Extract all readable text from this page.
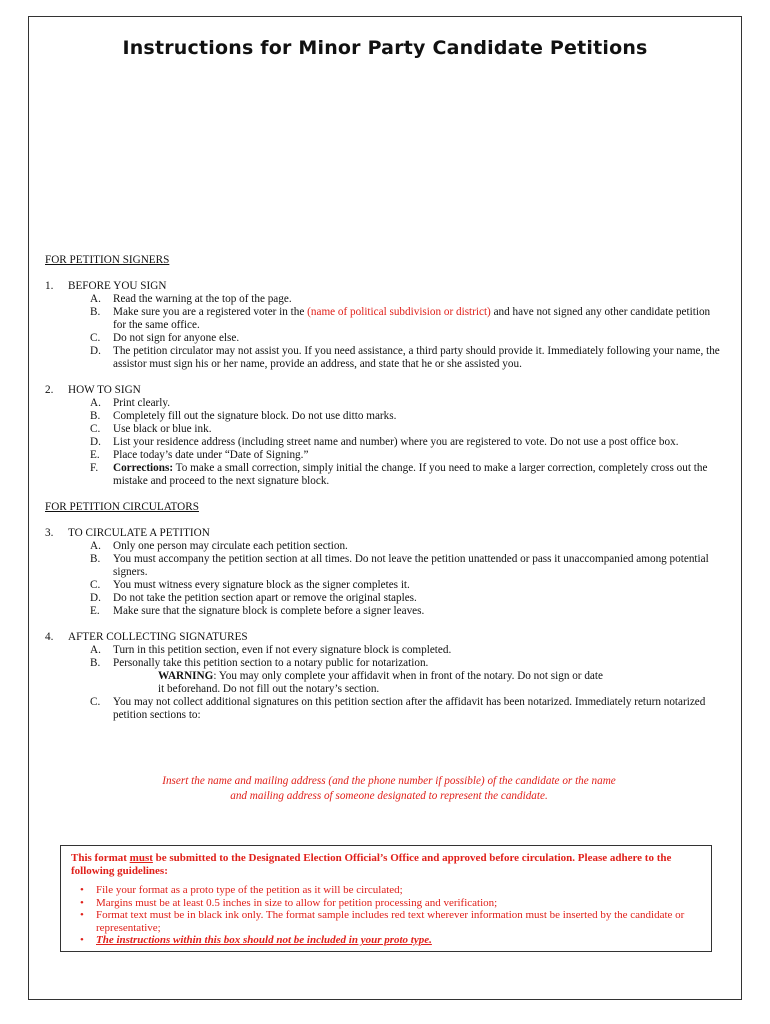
Instructions for Minor Party Candidate Petitions

FOR PETITION SIGNERS

1.	BEFORE YOU SIGN
A.	Read the warning at the top of the page.
B.	Make sure you are a registered voter in the (name of political subdivision or district) and have not signed any other candidate petition for the same office.
C.	Do not sign for anyone else.
D.	The petition circulator may not assist you. If you need assistance, a third party should provide it. Immediately following your name, the assistor must sign his or her name, provide an address, and state that he or she assisted you.
2.	HOW TO SIGN
A.	Print clearly.
B.	Completely fill out the signature block. Do not use ditto marks.
C.	Use black or blue ink.
D.	List your residence address (including street name and number) where you are registered to vote. Do not use a post office box.
E.	Place today’s date under “Date of Signing.”
F.	Corrections: To make a small correction, simply initial the change. If you need to make a larger correction, completely cross out the mistake and proceed to the next signature block.

FOR PETITION CIRCULATORS

3.	TO CIRCULATE A PETITION
A.	Only one person may circulate each petition section.
B.	You must accompany the petition section at all times. Do not leave the petition unattended or pass it unaccompanied among potential signers.
C.	You must witness every signature block as the signer completes it.
D.	Do not take the petition section apart or remove the original staples.
E.	Make sure that the signature block is complete before a signer leaves.
4.	AFTER COLLECTING SIGNATURES
A.	Turn in this petition section, even if not every signature block is completed.
B.	Personally take this petition section to a notary public for notarization.
WARNING: You may only complete your affidavit when in front of the notary. Do not sign or date
it beforehand. Do not fill out the notary’s section.
C.	You may not collect additional signatures on this petition section after the affidavit has been notarized. Immediately return notarized petition sections to:
Insert the name and mailing address (and the phone number if possible) of the candidate or the name
and mailing address of someone designated to represent the candidate.
This format must be submitted to the Designated Election Official’s Office and approved before circulation. Please adhere to the following guidelines:
•	File your format as a proto type of the petition as it will be circulated;
•	Margins must be at least 0.5 inches in size to allow for petition processing and verification;
•	Format text must be in black ink only. The format sample includes red text wherever information must be inserted by the candidate or representative;
•	The instructions within this box should not be included in your proto type.
